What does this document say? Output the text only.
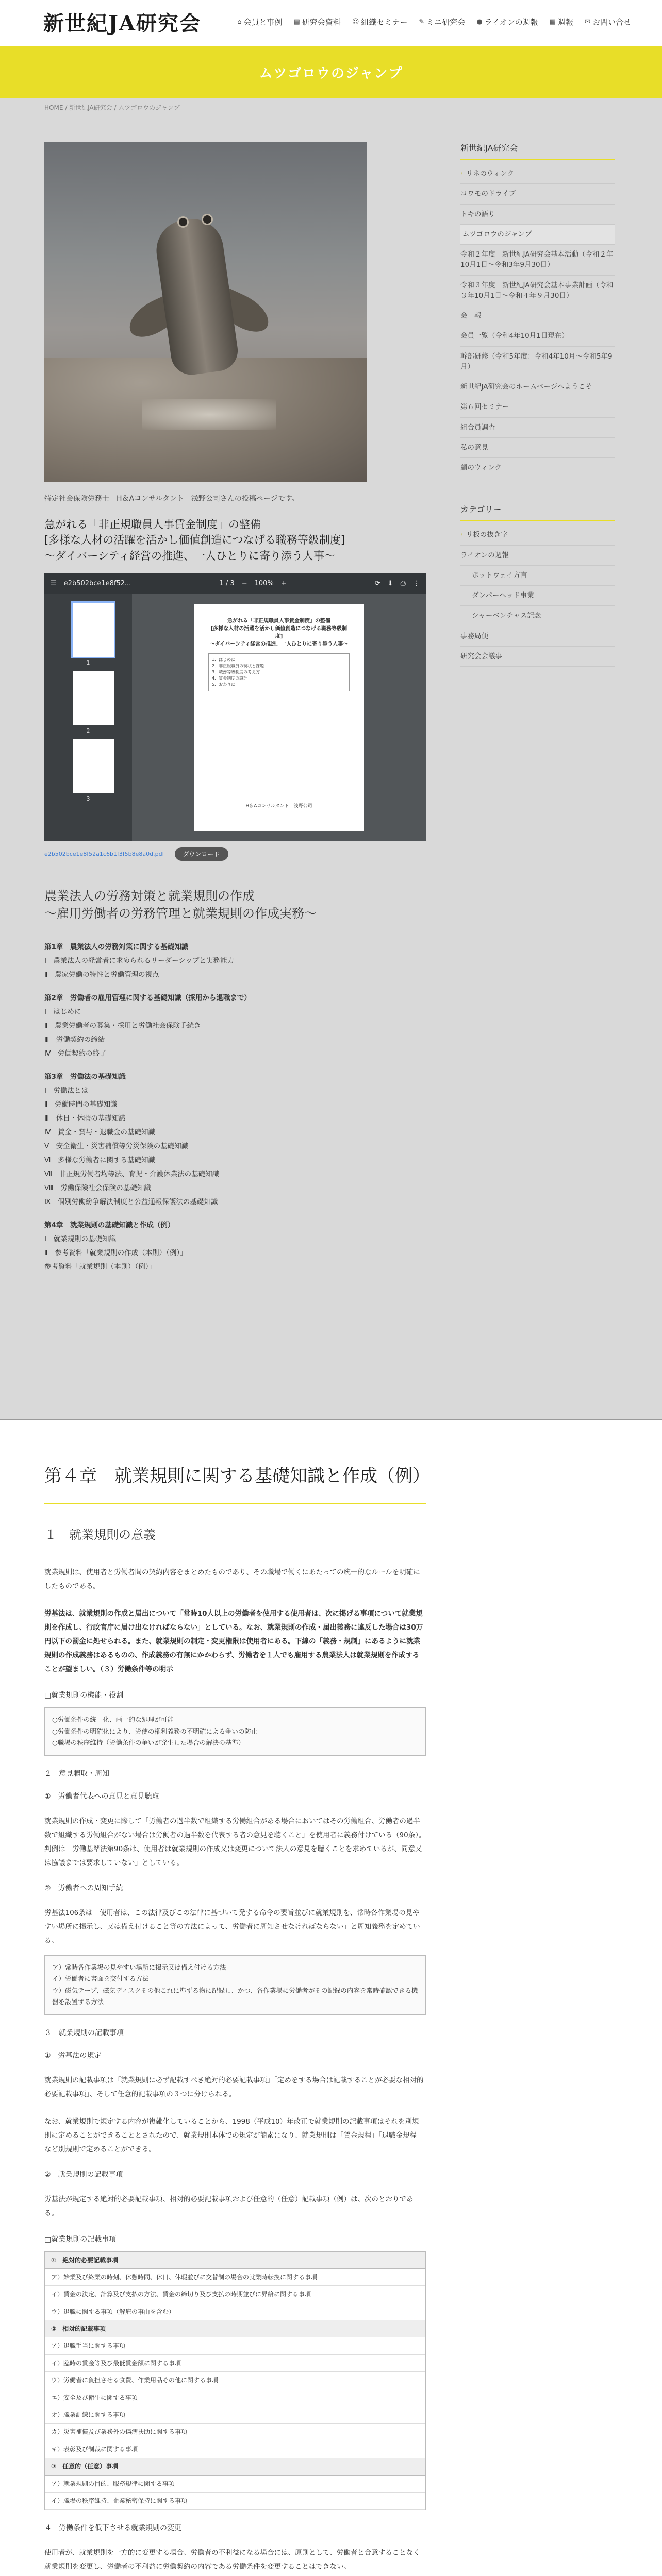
新世紀JA研究会	⌂ 会員と事例 ▤ 研究会資料 ☺ 組織セミナー ✎ ミニ研究会 ● ライオンの週報 ▦ 週報 ✉ お問い合せ
ムツゴロウのジャンプ
HOME / 新世紀JA研究会 / ムツゴロウのジャンプ
特定社会保険労務士　H＆Aコンサルタント　浅野公司さんの投稿ページです。
急がれる「非正規職員人事賃金制度」の整備
[多様な人材の活躍を活かし価値創造につなげる職務等級制度]
～ダイバーシティ経営の推進、一人ひとりに寄り添う人事～
☰ e2b502bce1e8f52...	1 / 3 − 100% +	⟳ ⬇ ⎙ ⋮
1
2
3
急がれる「非正規職員人事賃金制度」の整備
[多様な人材の活躍を活かし価値創造につなげる職務等級制度]
～ダイバーシティ経営の推進、一人ひとりに寄り添う人事～
1．はじめに
2．非正規職員の現状と課題
3．職務等級制度の考え方
4．賃金制度の設計
5．おわりに
H＆Aコンサルタント　浅野公司
e2b502bce1e8f52a1c6b1f3f5b8e8a0d.pdf	ダウンロード
農業法人の労務対策と就業規則の作成
～雇用労働者の労務管理と就業規則の作成実務～
第1章　農業法人の労務対策に関する基礎知識
Ⅰ　農業法人の経営者に求められるリーダーシップと実務能力
Ⅱ　農家労働の特性と労働管理の視点
第2章　労働者の雇用管理に関する基礎知識（採用から退職まで）
Ⅰ　はじめに
Ⅱ　農業労働者の募集・採用と労働社会保険手続き
Ⅲ　労働契約の締結
Ⅳ　労働契約の終了
第3章　労働法の基礎知識
Ⅰ　労働法とは
Ⅱ　労働時間の基礎知識
Ⅲ　休日・休暇の基礎知識
Ⅳ　賃金・賞与・退職金の基礎知識
Ⅴ　安全衛生・災害補償等労災保険の基礎知識
Ⅵ　多様な労働者に関する基礎知識
Ⅶ　非正規労働者均等法、育児・介護休業法の基礎知識
Ⅷ　労働保険社会保険の基礎知識
Ⅸ　個別労働紛争解決制度と公益通報保護法の基礎知識
第4章　就業規則の基礎知識と作成（例）
Ⅰ　就業規則の基礎知識
Ⅱ　参考資料「就業規則の作成（本則）（例）」
参考資料「就業規則（本則）（例）」
新世紀JA研究会
› リネのウィンク
コワモのドライブ
トキの語り
ムツゴロウのジャンプ
令和２年度　新世紀JA研究会基本活動（令和２年10月1日～令和3年9月30日）
令和３年度　新世紀JA研究会基本事業計画（令和３年10月1日～令和４年９月30日）
会　報
会員一覧（令和4年10月1日現在）
幹部研修（令和5年度：令和4年10月～令和5年9月）
新世紀JA研究会のホームページへようこそ
第６回セミナー
組合員調査
私の意見
顧のウィンク
カテゴリー
› リ板の抜き字
ライオンの週報
ボットウェイ方言
ダンパーヘッド事業
シャーベンチャス記念
事務局便
研究会会議事
第４章　就業規則に関する基礎知識と作成（例）
１　就業規則の意義
就業規則は、使用者と労働者間の契約内容をまとめたものであり、その職場で働くにあたっての統一的なルールを明確にしたものである。
労基法は、就業規則の作成と届出について「常時10人以上の労働者を使用する使用者は、次に掲げる事項について就業規則を作成し、行政官庁に届け出なければならない」としている。なお、就業規則の作成・届出義務に違反した場合は30万円以下の罰金に処せられる。また、就業規則の制定・変更権限は使用者にある。下線の「義務・規制」にあるように就業規則の作成義務はあるものの、作成義務の有無にかかわらず、労働者を１人でも雇用する農業法人は就業規則を作成することが望ましい。（３）労働条件等の明示
□就業規則の機能・役割
○労働条件の統一化、画一的な処理が可能
○労働条件の明確化により、労使の権利義務の不明確による争いの防止
○職場の秩序維持（労働条件の争いが発生した場合の解決の基準）
２　意見聴取・周知
①　労働者代表への意見と意見聴取
就業規則の作成・変更に際して「労働者の過半数で組織する労働組合がある場合においてはその労働組合、労働者の過半数で組織する労働組合がない場合は労働者の過半数を代表する者の意見を聴くこと」を使用者に義務付けている（90条）。判例は「労働基準法第90条は、使用者は就業規則の作成又は変更について法人の意見を聴くことを求めているが、同意又は協議までは要求していない」としている。
②　労働者への周知手続
労基法106条は「使用者は、この法律及びこの法律に基づいて発する命令の要旨並びに就業規則を、常時各作業場の見やすい場所に掲示し、又は備え付けること等の方法によって、労働者に周知させなければならない」と周知義務を定めている。
ア）常時各作業場の見やすい場所に掲示又は備え付ける方法
イ）労働者に書面を交付する方法
ウ）磁気テープ、磁気ディスクその他これに準ずる物に記録し、かつ、各作業場に労働者がその記録の内容を常時確認できる機器を設置する方法
３　就業規則の記載事項
①　労基法の規定
就業規則の記載事項は「就業規則に必ず記載すべき絶対的必要記載事項」「定めをする場合は記載することが必要な相対的必要記載事項」、そして任意的記載事項の３つに分けられる。
なお、就業規則で規定する内容が複雑化していることから、1998（平成10）年改正で就業規則の記載事項はそれを別規則に定めることができることとされたので、就業規則本体での規定が簡素になり、就業規則は「賃金規程」「退職金規程」など別規則で定めることができる。
②　就業規則の記載事項
労基法が規定する絶対的必要記載事項、相対的必要記載事項および任意的（任意）記載事項（例）は、次のとおりである。
□就業規則の記載事項
①　絶対的必要記載事項
ア）始業及び終業の時刻、休憩時間、休日、休暇並びに交替制の場合の就業時転換に関する事項
イ）賃金の決定、計算及び支払の方法、賃金の締切り及び支払の時期並びに昇給に関する事項
ウ）退職に関する事項（解雇の事由を含む）
②　相対的記載事項
ア）退職手当に関する事項
イ）臨時の賃金等及び最低賃金額に関する事項
ウ）労働者に負担させる食費、作業用品その他に関する事項
エ）安全及び衛生に関する事項
オ）職業訓練に関する事項
カ）災害補償及び業務外の傷病扶助に関する事項
キ）表彰及び制裁に関する事項
③　任意的（任意）事項
ア）就業規則の目的、服務規律に関する事項
イ）職場の秩序維持、企業秘密保持に関する事項
４　労働条件を低下させる就業規則の変更
使用者が、就業規則を一方的に変更する場合、労働者の不利益になる場合には、原則として、労働者と合意することなく就業規則を変更し、労働者の不利益に労働契約の内容である労働条件を変更することはできない。
